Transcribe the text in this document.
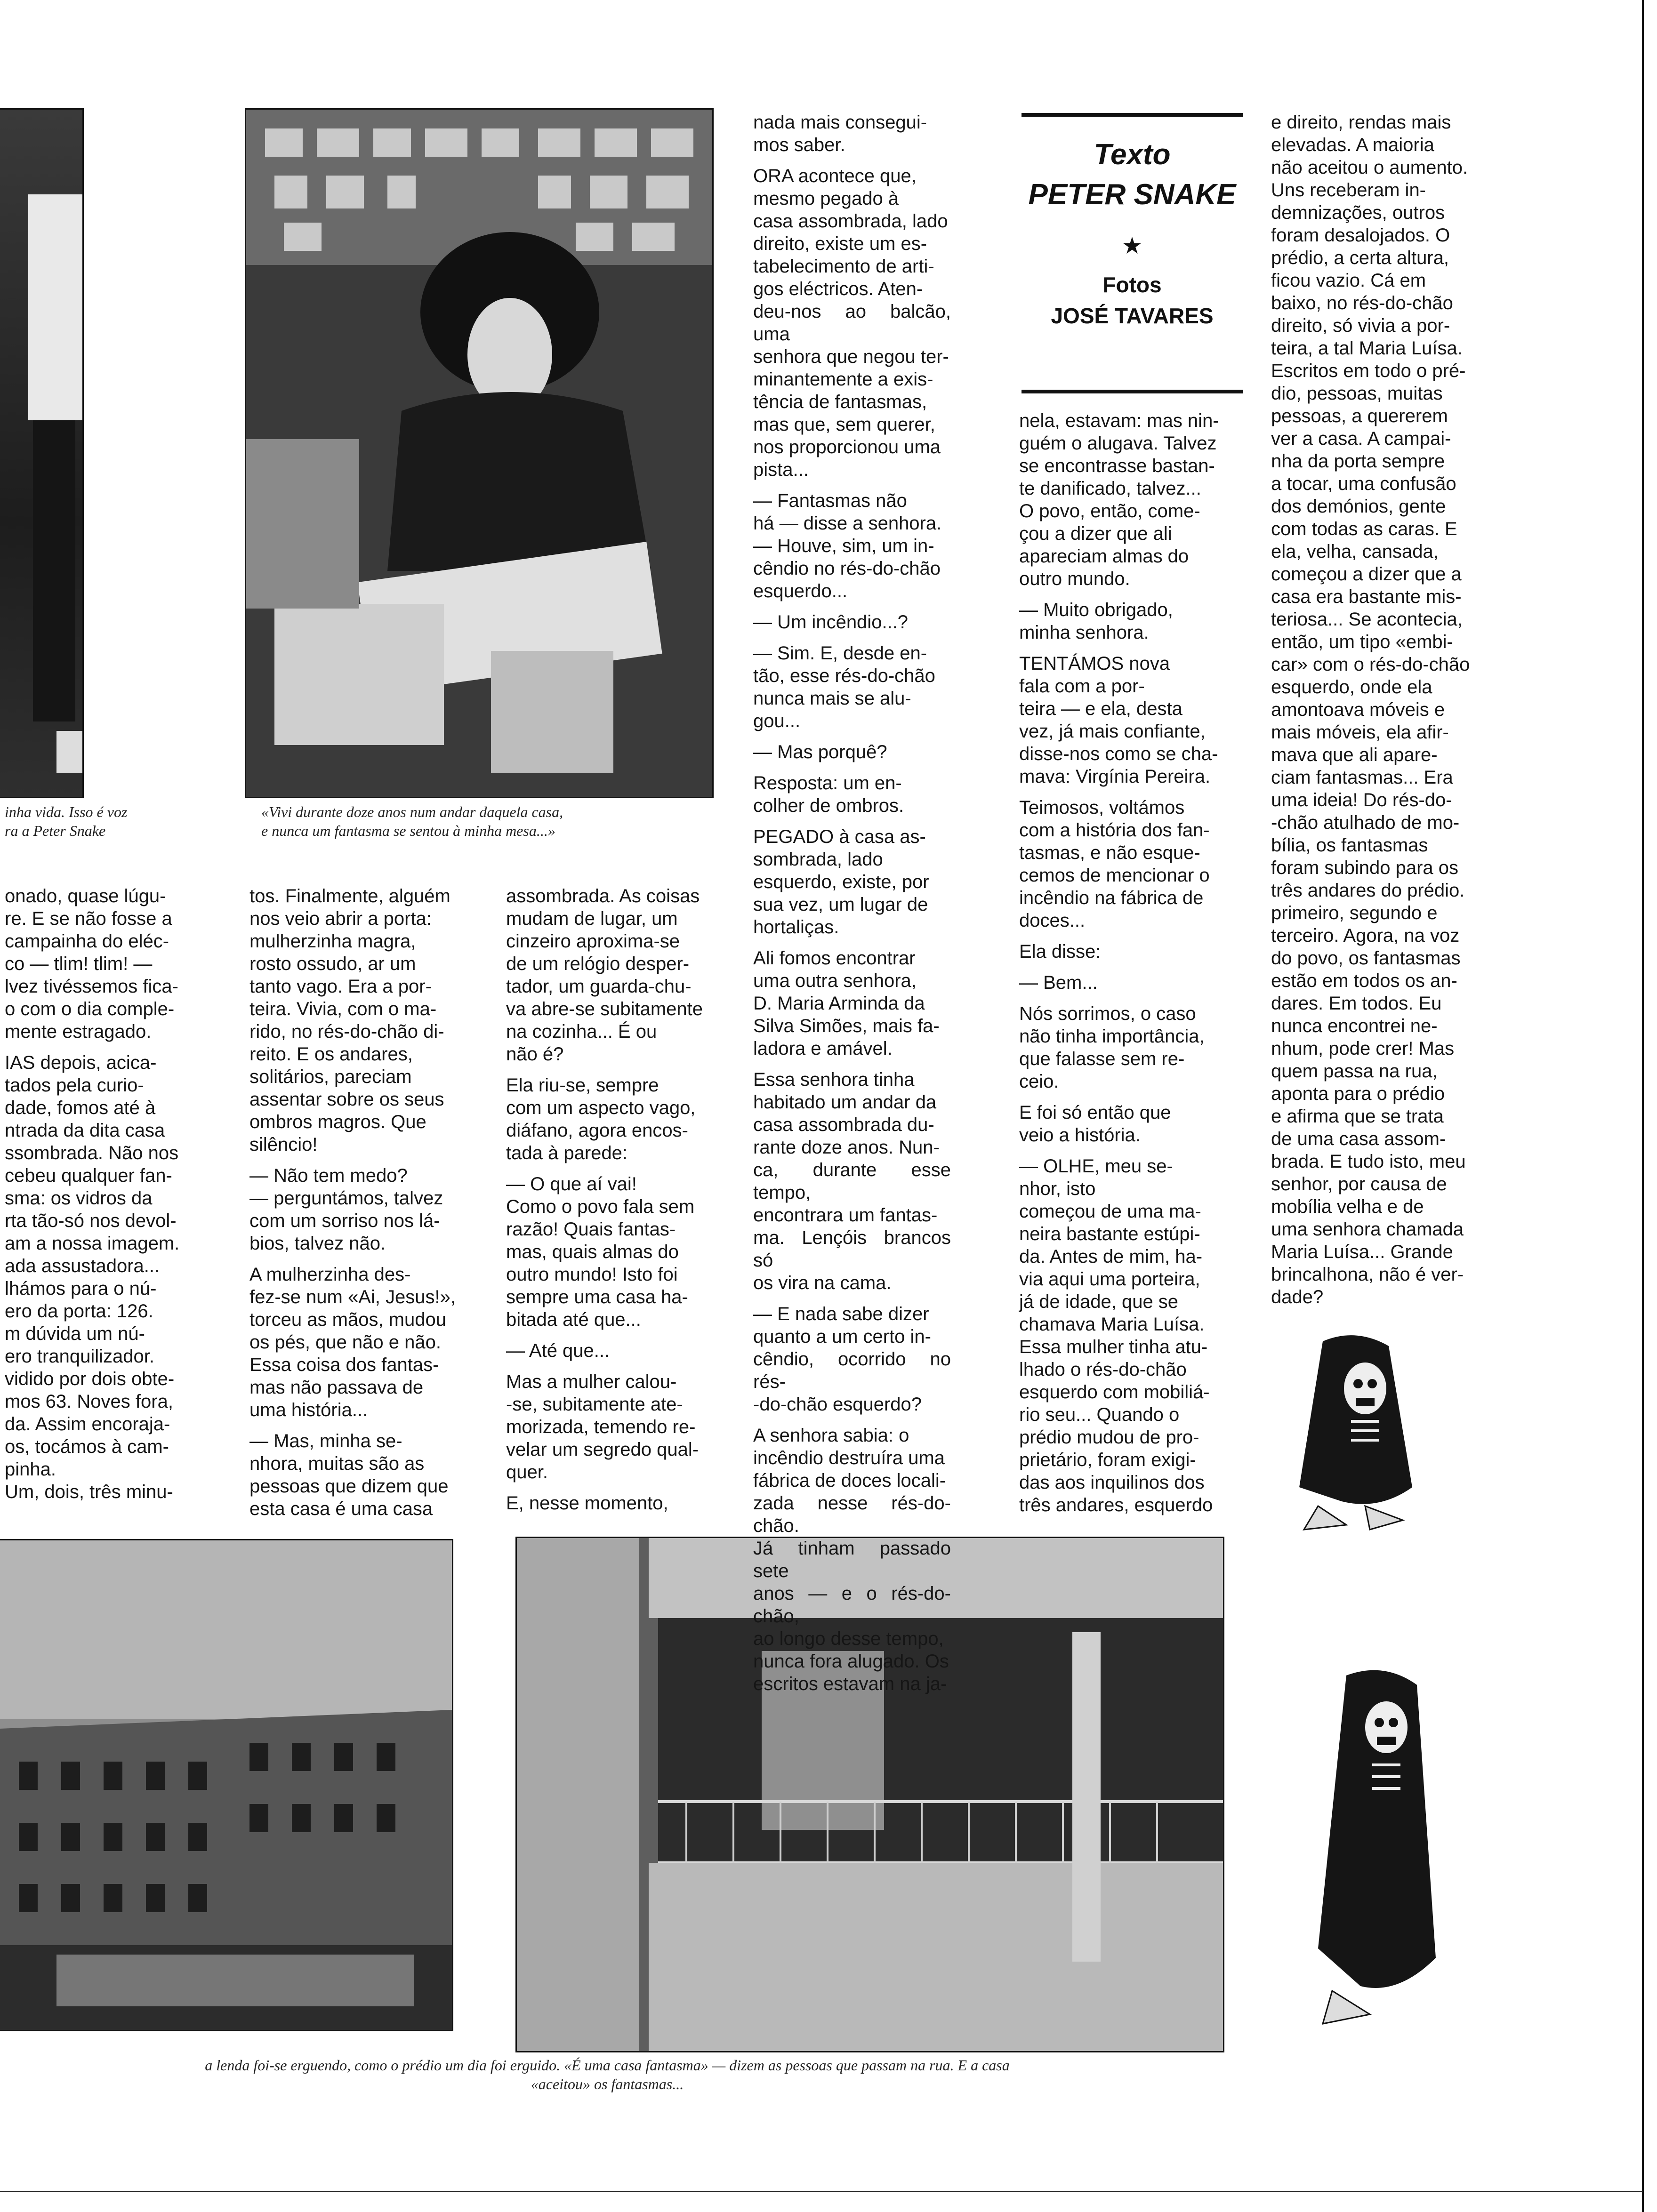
inha vida. Isso é voz
ra a Peter Snake
«Vivi durante doze anos num andar daquela casa,
e nunca um fantasma se sentou à minha mesa...»
a lenda foi-se erguendo, como o prédio um dia foi erguido. «É uma casa fantasma» — dizem as pessoas que passam na rua. E a casa
«aceitou» os fantasmas...
Texto
PETER SNAKE
★
Fotos
JOSÉ TAVARES

nada mais consegui-
mos saber.

ORA acontece que,
mesmo pegado à
casa assombrada, lado
direito, existe um es-
tabelecimento de arti-
gos eléctricos. Aten-
deu-nos ao balcão, uma
senhora que negou ter-
minantemente a exis-
tência de fantasmas,
mas que, sem querer,
nos proporcionou uma
pista...

— Fantasmas não
há — disse a senhora.
— Houve, sim, um in-
cêndio no rés-do-chão
esquerdo...

— Um incêndio...?

— Sim. E, desde en-
tão, esse rés-do-chão
nunca mais se alu-
gou...

— Mas porquê?

Resposta: um en-
colher de ombros.

PEGADO à casa as-
sombrada, lado
esquerdo, existe, por
sua vez, um lugar de
hortaliças.

Ali fomos encontrar
uma outra senhora,
D. Maria Arminda da
Silva Simões, mais fa-
ladora e amável.

Essa senhora tinha
habitado um andar da
casa assombrada du-
rante doze anos. Nun-
ca, durante esse tempo,
encontrara um fantas-
ma. Lençóis brancos só
os vira na cama.

— E nada sabe dizer
quanto a um certo in-
cêndio, ocorrido no rés-
-do-chão esquerdo?

A senhora sabia: o
incêndio destruíra uma
fábrica de doces locali-
zada nesse rés-do-chão.
Já tinham passado sete
anos — e o rés-do-chão,
ao longo desse tempo,
nunca fora alugado. Os
escritos estavam na ja-

nela, estavam: mas nin-
guém o alugava. Talvez
se encontrasse bastan-
te danificado, talvez...
O povo, então, come-
çou a dizer que ali
apareciam almas do
outro mundo.

— Muito obrigado,
minha senhora.

TENTÁMOS nova
fala com a por-
teira — e ela, desta
vez, já mais confiante,
disse-nos como se cha-
mava: Virgínia Pereira.

Teimosos, voltámos
com a história dos fan-
tasmas, e não esque-
cemos de mencionar o
incêndio na fábrica de
doces...

Ela disse:

— Bem...

Nós sorrimos, o caso
não tinha importância,
que falasse sem re-
ceio.

E foi só então que
veio a história.

— OLHE, meu se-
nhor, isto
começou de uma ma-
neira bastante estúpi-
da. Antes de mim, ha-
via aqui uma porteira,
já de idade, que se
chamava Maria Luísa.
Essa mulher tinha atu-
lhado o rés-do-chão
esquerdo com mobiliá-
rio seu... Quando o
prédio mudou de pro-
prietário, foram exigi-
das aos inquilinos dos
três andares, esquerdo

e direito, rendas mais
elevadas. A maioria
não aceitou o aumento.
Uns receberam in-
demnizações, outros
foram desalojados. O
prédio, a certa altura,
ficou vazio. Cá em
baixo, no rés-do-chão
direito, só vivia a por-
teira, a tal Maria Luísa.
Escritos em todo o pré-
dio, pessoas, muitas
pessoas, a quererem
ver a casa. A campai-
nha da porta sempre
a tocar, uma confusão
dos demónios, gente
com todas as caras. E
ela, velha, cansada,
começou a dizer que a
casa era bastante mis-
teriosa... Se acontecia,
então, um tipo «embi-
car» com o rés-do-chão
esquerdo, onde ela
amontoava móveis e
mais móveis, ela afir-
mava que ali apare-
ciam fantasmas... Era
uma ideia! Do rés-do-
-chão atulhado de mo-
bília, os fantasmas
foram subindo para os
três andares do prédio.
primeiro, segundo e
terceiro. Agora, na voz
do povo, os fantasmas
estão em todos os an-
dares. Em todos. Eu
nunca encontrei ne-
nhum, pode crer! Mas
quem passa na rua,
aponta para o prédio
e afirma que se trata
de uma casa assom-
brada. E tudo isto, meu
senhor, por causa de
mobília velha e de
uma senhora chamada
Maria Luísa... Grande
brincalhona, não é ver-
dade?

onado, quase lúgu-
re. E se não fosse a
campainha do eléc-
co — tlim! tlim! —
lvez tivéssemos fica-
o com o dia comple-
mente estragado.

IAS depois, acica-
tados pela curio-
dade, fomos até à
ntrada da dita casa
ssombrada. Não nos
cebeu qualquer fan-
sma: os vidros da
rta tão-só nos devol-
am a nossa imagem.
ada assustadora...
lhámos para o nú-
ero da porta: 126.
m dúvida um nú-
ero tranquilizador.
vidido por dois obte-
mos 63. Noves fora,
da. Assim encoraja-
os, tocámos à cam-
pinha.
Um, dois, três minu-

tos. Finalmente, alguém
nos veio abrir a porta:
mulherzinha magra,
rosto ossudo, ar um
tanto vago. Era a por-
teira. Vivia, com o ma-
rido, no rés-do-chão di-
reito. E os andares,
solitários, pareciam
assentar sobre os seus
ombros magros. Que
silêncio!

— Não tem medo?
— perguntámos, talvez
com um sorriso nos lá-
bios, talvez não.

A mulherzinha des-
fez-se num «Ai, Jesus!»,
torceu as mãos, mudou
os pés, que não e não.
Essa coisa dos fantas-
mas não passava de
uma história...

— Mas, minha se-
nhora, muitas são as
pessoas que dizem que
esta casa é uma casa

assombrada. As coisas
mudam de lugar, um
cinzeiro aproxima-se
de um relógio desper-
tador, um guarda-chu-
va abre-se subitamente
na cozinha... É ou
não é?

Ela riu-se, sempre
com um aspecto vago,
diáfano, agora encos-
tada à parede:

— O que aí vai!
Como o povo fala sem
razão! Quais fantas-
mas, quais almas do
outro mundo! Isto foi
sempre uma casa ha-
bitada até que...

— Até que...

Mas a mulher calou-
-se, subitamente ate-
morizada, temendo re-
velar um segredo qual-
quer.

E, nesse momento,
